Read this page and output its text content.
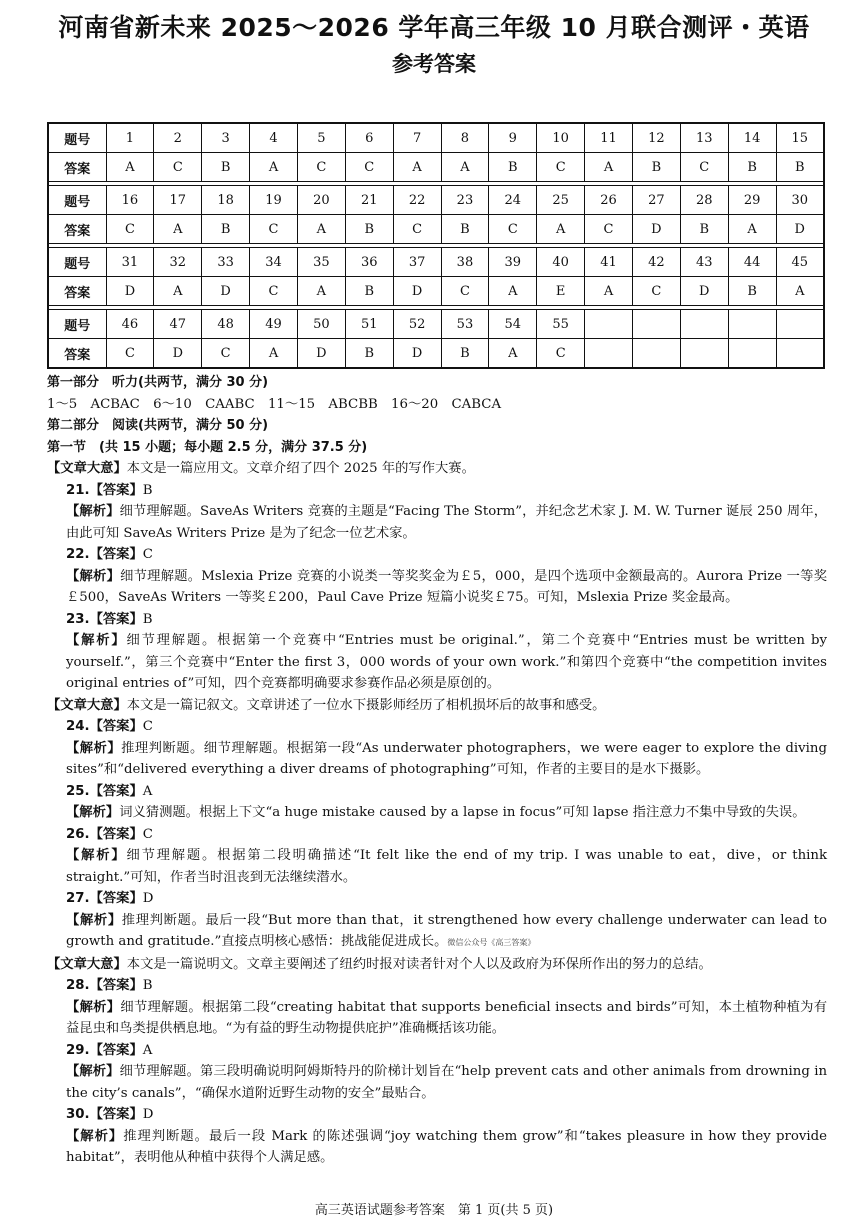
河南省新未来 2025～2026 学年高三年级 10 月联合测评・英语
参考答案
题号	1	2	3	4	5	6	7	8	9	10	11	12	13	14	15
答案	A	C	B	A	C	C	A	A	B	C	A	B	C	B	B

题号	16	17	18	19	20	21	22	23	24	25	26	27	28	29	30
答案	C	A	B	C	A	B	C	B	C	A	C	D	B	A	D

题号	31	32	33	34	35	36	37	38	39	40	41	42	43	44	45
答案	D	A	D	C	A	B	D	C	A	E	A	C	D	B	A

题号	46	47	48	49	50	51	52	53	54	55					
答案	C	D	C	A	D	B	D	B	A	C					

第一部分　听力(共两节，满分 30 分)

1～5　ACBAC　6～10　CAABC　11～15　ABCBB　16～20　CABCA

第二部分　阅读(共两节，满分 50 分)

第一节　(共 15 小题；每小题 2.5 分，满分 37.5 分)

【文章大意】本文是一篇应用文。文章介绍了四个 2025 年的写作大赛。

21.【答案】B

【解析】细节理解题。SaveAs Writers 竞赛的主题是“Facing The Storm”，并纪念艺术家 J. M. W. Turner 诞辰 250 周年，由此可知 SaveAs Writers Prize 是为了纪念一位艺术家。

22.【答案】C

【解析】细节理解题。Mslexia Prize 竞赛的小说类一等奖奖金为￡5，000，是四个选项中金额最高的。Aurora Prize 一等奖￡500，SaveAs Writers 一等奖￡200，Paul Cave Prize 短篇小说奖￡75。可知，Mslexia Prize 奖金最高。

23.【答案】B

【解析】细节理解题。根据第一个竞赛中“Entries must be original.”，第二个竞赛中“Entries must be written by yourself.”，第三个竞赛中“Enter the first 3，000 words of your own work.”和第四个竞赛中“the competition invites original entries of”可知，四个竞赛都明确要求参赛作品必须是原创的。

【文章大意】本文是一篇记叙文。文章讲述了一位水下摄影师经历了相机损坏后的故事和感受。

24.【答案】C

【解析】推理判断题。细节理解题。根据第一段“As underwater photographers，we were eager to explore the diving sites”和“delivered everything a diver dreams of photographing”可知，作者的主要目的是水下摄影。

25.【答案】A

【解析】词义猜测题。根据上下文“a huge mistake caused by a lapse in focus”可知 lapse 指注意力不集中导致的失误。

26.【答案】C

【解析】细节理解题。根据第二段明确描述“It felt like the end of my trip. I was unable to eat，dive，or think straight.”可知，作者当时沮丧到无法继续潜水。

27.【答案】D

【解析】推理判断题。最后一段“But more than that，it strengthened how every challenge underwater can lead to growth and gratitude.”直接点明核心感悟：挑战能促进成长。微信公众号《高三答案》

【文章大意】本文是一篇说明文。文章主要阐述了纽约时报对读者针对个人以及政府为环保所作出的努力的总结。

28.【答案】B

【解析】细节理解题。根据第二段“creating habitat that supports beneficial insects and birds”可知，本土植物种植为有益昆虫和鸟类提供栖息地。“为有益的野生动物提供庇护”准确概括该功能。

29.【答案】A

【解析】细节理解题。第三段明确说明阿姆斯特丹的阶梯计划旨在“help prevent cats and other animals from drowning in the city’s canals”，“确保水道附近野生动物的安全”最贴合。

30.【答案】D

【解析】推理判断题。最后一段 Mark 的陈述强调“joy watching them grow”和“takes pleasure in how they provide habitat”，表明他从种植中获得个人满足感。

高三英语试题参考答案　第 1 页(共 5 页)
